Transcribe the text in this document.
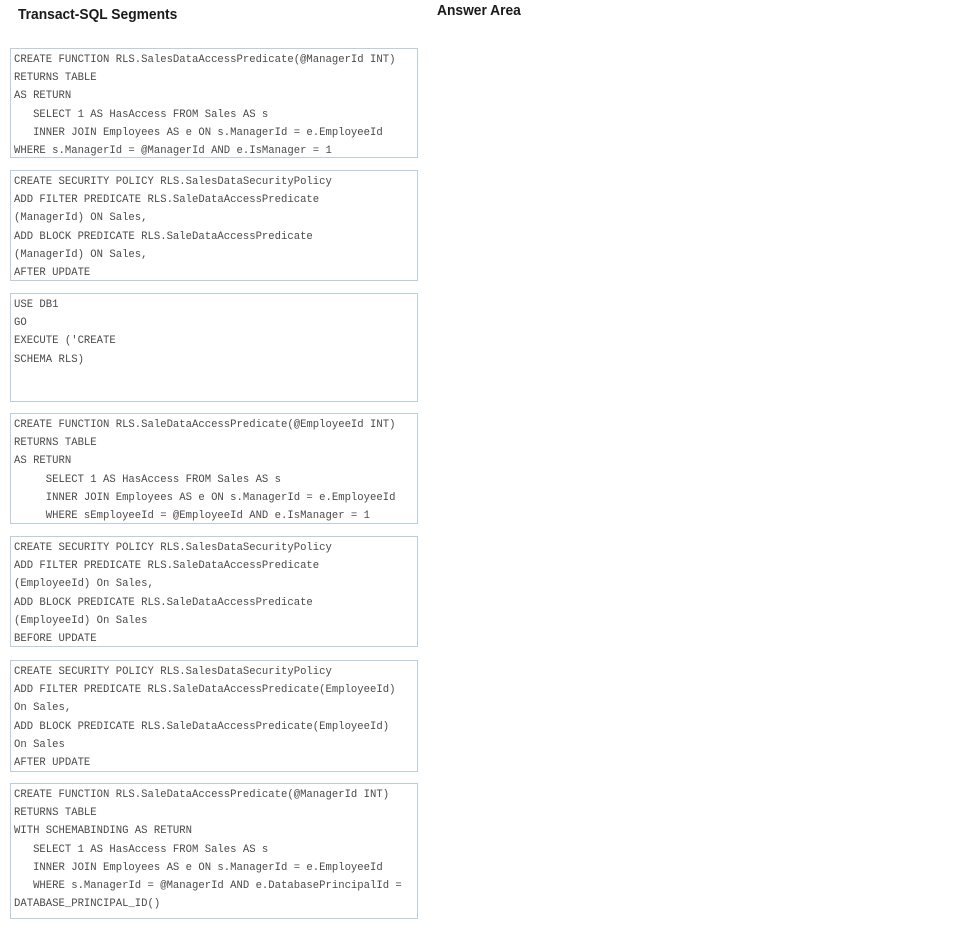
Transact-SQL Segments	Answer Area
CREATE FUNCTION RLS.SalesDataAccessPredicate(@ManagerId INT)
RETURNS TABLE
AS RETURN
SELECT 1 AS HasAccess FROM Sales AS s
INNER JOIN Employees AS e ON s.ManagerId = e.EmployeeId
WHERE s.ManagerId = @ManagerId AND e.IsManager = 1
CREATE SECURITY POLICY RLS.SalesDataSecurityPolicy
ADD FILTER PREDICATE RLS.SaleDataAccessPredicate
(ManagerId) ON Sales,
ADD BLOCK PREDICATE RLS.SaleDataAccessPredicate
(ManagerId) ON Sales,
AFTER UPDATE
USE DB1
GO
EXECUTE ('CREATE
SCHEMA RLS)
CREATE FUNCTION RLS.SaleDataAccessPredicate(@EmployeeId INT)
RETURNS TABLE
AS RETURN
SELECT 1 AS HasAccess FROM Sales AS s
INNER JOIN Employees AS e ON s.ManagerId = e.EmployeeId
WHERE sEmployeeId = @EmployeeId AND e.IsManager = 1
CREATE SECURITY POLICY RLS.SalesDataSecurityPolicy
ADD FILTER PREDICATE RLS.SaleDataAccessPredicate
(EmployeeId) On Sales,
ADD BLOCK PREDICATE RLS.SaleDataAccessPredicate
(EmployeeId) On Sales
BEFORE UPDATE
CREATE SECURITY POLICY RLS.SalesDataSecurityPolicy
ADD FILTER PREDICATE RLS.SaleDataAccessPredicate(EmployeeId)
On Sales,
ADD BLOCK PREDICATE RLS.SaleDataAccessPredicate(EmployeeId)
On Sales
AFTER UPDATE
CREATE FUNCTION RLS.SaleDataAccessPredicate(@ManagerId INT)
RETURNS TABLE
WITH SCHEMABINDING AS RETURN
SELECT 1 AS HasAccess FROM Sales AS s
INNER JOIN Employees AS e ON s.ManagerId = e.EmployeeId
WHERE s.ManagerId = @ManagerId AND e.DatabasePrincipalId =
DATABASE_PRINCIPAL_ID()
